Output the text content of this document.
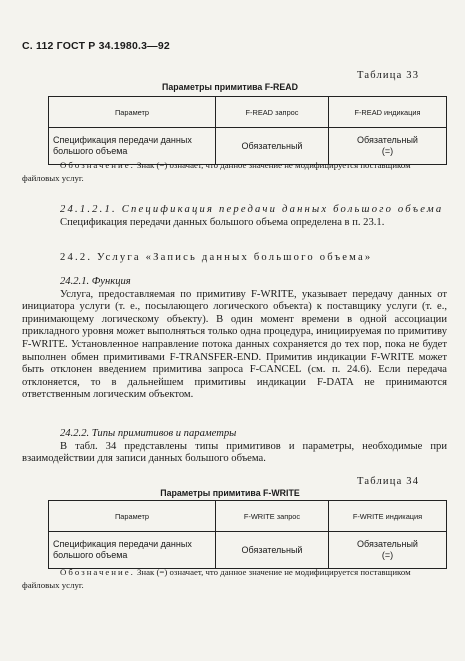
С. 112 ГОСТ Р 34.1980.3—92
Таблица 33
Параметры примитива F-READ
Параметр	F-READ запрос	F-READ индикация
Спецификация передачи данных большого объема	Обязательный	Обязательный
(=)
Обозначение. Знак (=) означает, что данное значение не модифицируется поставщиком файловых услуг.

24.1.2.1. Спецификация передачи данных большого объема

Спецификация передачи данных большого объема определена в п. 23.1.

24.2. Услуга «Запись данных большого объема»

24.2.1. Функция

Услуга, предоставляемая по примитиву F-WRITE, указывает передачу данных от инициатора услуги (т. е., посылающего логического объекта) к поставщику услуги (т. е., принимающему логическому объекту). В один момент времени в одной ассоциации прикладного уровня может выполняться только одна процедура, инициируемая по примитиву F-WRITE. Установленное направление потока данных сохраняется до тех пор, пока не будет выполнен обмен примитивами F-TRANSFER-END. Примитив индикации F-WRITE может быть отклонен введением примитива запроса F-CANCEL (см. п. 24.6). Если передача отклоняется, то в дальнейшем примитивы индикации F-DATA не принимаются ответственным логическим объектом.

24.2.2. Типы примитивов и параметры

В табл. 34 представлены типы примитивов и параметры, необходимые при взаимодействии для записи данных большого объема.

Таблица 34
Параметры примитива F-WRITE
Параметр	F-WRITE запрос	F-WRITE индикация
Спецификация передачи данных большого объема	Обязательный	Обязательный
(=)
Обозначение. Знак (=) означает, что данное значение не модифицируется поставщиком файловых услуг.
